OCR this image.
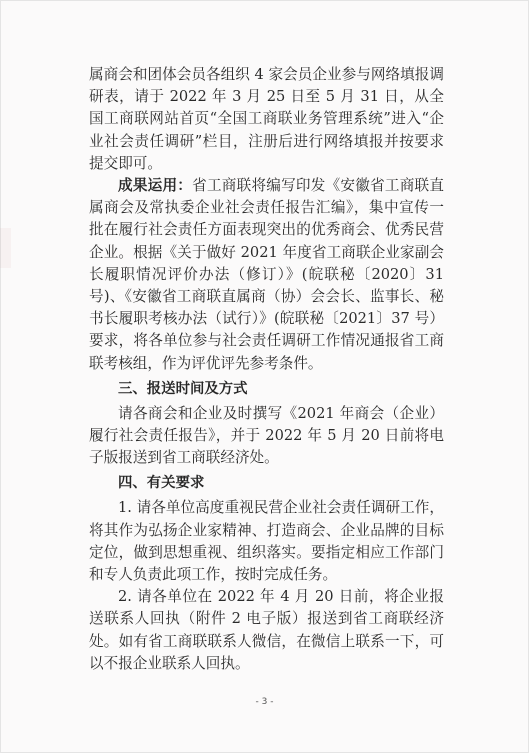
属商会和团体会员各组织 4 家会员企业参与网络填报调研表，请于 2022 年 3 月 25 日至 5 月 31 日，从全国工商联网站首页“全国工商联业务管理系统”进入“企业社会责任调研”栏目，注册后进行网络填报并按要求提交即可。

成果运用：省工商联将编写印发《安徽省工商联直属商会及常执委企业社会责任报告汇编》，集中宣传一批在履行社会责任方面表现突出的优秀商会、优秀民营企业。根据《关于做好 2021 年度省工商联企业家副会长履职情况评价办法（修订）》(皖联秘〔2020〕31 号)、《安徽省工商联直属商（协）会会长、监事长、秘书长履职考核办法（试行）》(皖联秘〔2021〕37 号）要求，将各单位参与社会责任调研工作情况通报省工商联考核组，作为评优评先参考条件。

三、报送时间及方式

请各商会和企业及时撰写《2021 年商会（企业）履行社会责任报告》，并于 2022 年 5 月 20 日前将电子版报送到省工商联经济处。

四、有关要求

1. 请各单位高度重视民营企业社会责任调研工作，将其作为弘扬企业家精神、打造商会、企业品牌的目标定位，做到思想重视、组织落实。要指定相应工作部门和专人负责此项工作，按时完成任务。

2. 请各单位在 2022 年 4 月 20 日前，将企业报送联系人回执（附件 2 电子版）报送到省工商联经济处。如有省工商联联系人微信，在微信上联系一下，可以不报企业联系人回执。

- 3 -
